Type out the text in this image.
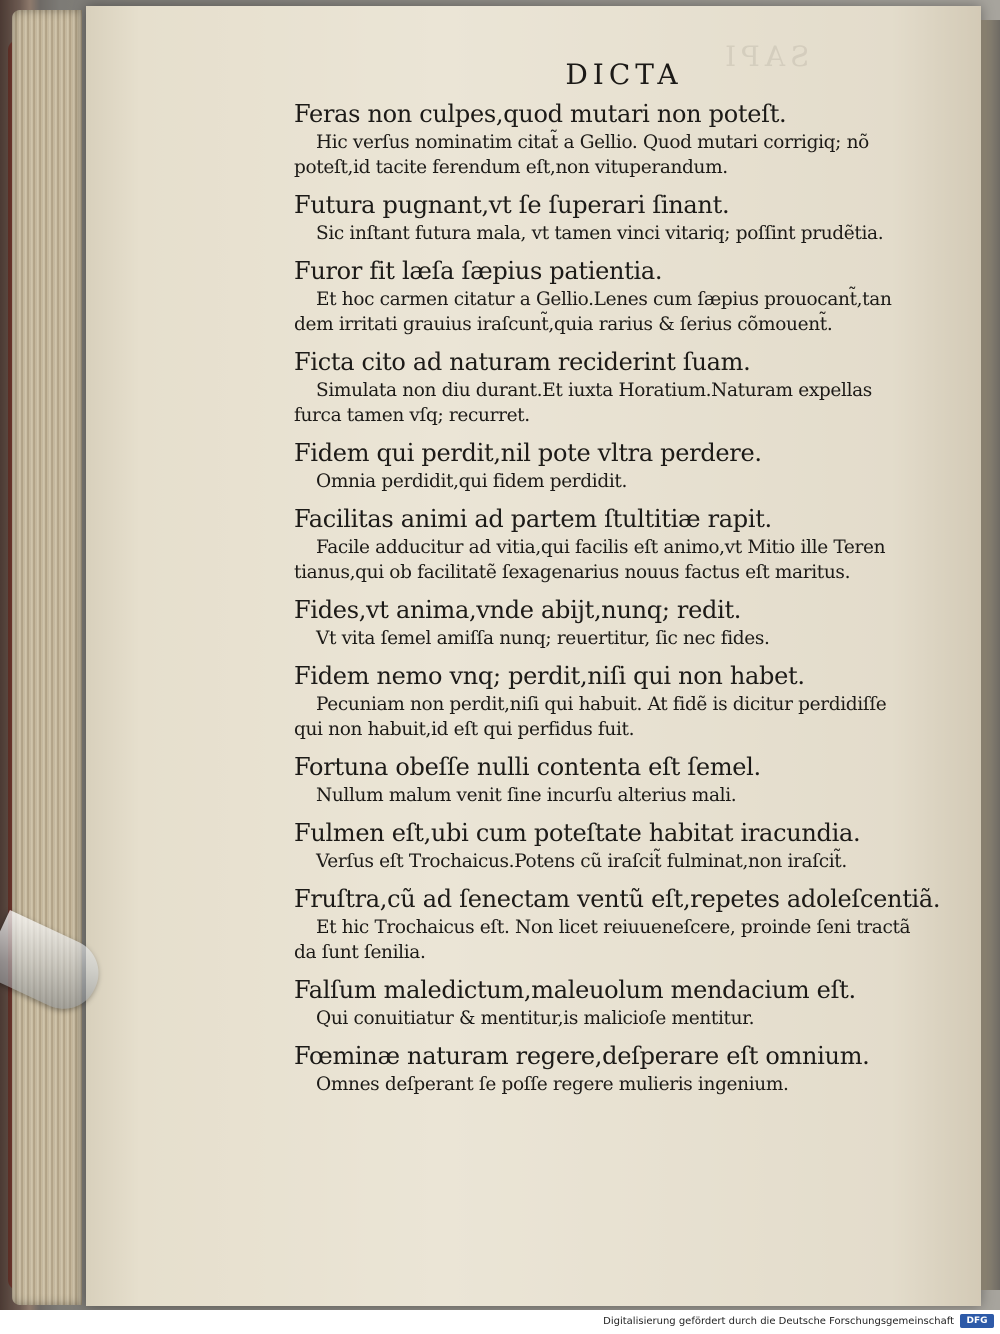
DICTA
Feras non culpes,quod mutari non poteſt.
Hic verſus nominatim citat̃ a Gellio. Quod mutari corrigiq; nõ
poteſt,id tacite ferendum eſt,non vituperandum.
Futura pugnant,vt ſe ſuperari ſinant.
Sic inſtant futura mala, vt tamen vinci vitariq; poſſint prudẽtia.
Furor fit læſa ſæpius patientia.
Et hoc carmen citatur a Gellio.Lenes cum ſæpius prouocant̃,tan
dem irritati grauius iraſcunt̃,quia rarius & ſerius cõmouent̃.
Ficta cito ad naturam reciderint ſuam.
Simulata non diu durant.Et iuxta Horatium.Naturam expellas
furca tamen vſq; recurret.
Fidem qui perdit,nil pote vltra perdere.
Omnia perdidit,qui fidem perdidit.
Facilitas animi ad partem ſtultitiæ rapit.
Facile adducitur ad vitia,qui facilis eſt animo,vt Mitio ille Teren
tianus,qui ob facilitatẽ ſexagenarius nouus factus eſt maritus.
Fides,vt anima,vnde abijt,nunq; redit.
Vt vita ſemel amiſſa nunq; reuertitur, ſic nec fides.
Fidem nemo vnq; perdit,niſi qui non habet.
Pecuniam non perdit,niſi qui habuit. At fidẽ is dicitur perdidiſſe
qui non habuit,id eſt qui perfidus fuit.
Fortuna obeſſe nulli contenta eſt ſemel.
Nullum malum venit ſine incurſu alterius mali.
Fulmen eſt,ubi cum poteſtate habitat iracundia.
Verſus eſt Trochaicus.Potens cũ iraſcit̃ fulminat,non iraſcit̃.
Fruſtra,cũ ad ſenectam ventũ eſt,repetes adoleſcentiã.
Et hic Trochaicus eſt. Non licet reiuueneſcere, proinde ſeni tractã
da ſunt ſenilia.
Falſum maledictum,maleuolum mendacium eſt.
Qui conuitiatur & mentitur,is malicioſe mentitur.
Fœminæ naturam regere,deſperare eſt omnium.
Omnes deſperant ſe poſſe regere mulieris ingenium.
Digitalisierung gefördert durch die Deutsche Forschungsgemeinschaft	DFG
